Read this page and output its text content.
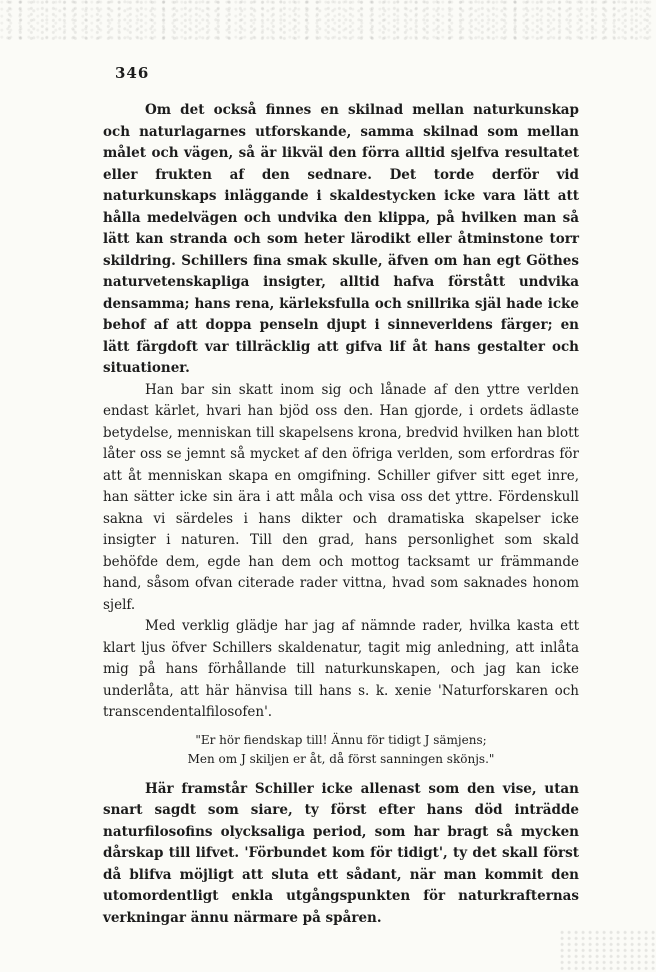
346

Om det också finnes en skilnad mellan naturkunskap och naturlagarnes utforskande, samma skilnad som mellan målet och vägen, så är likväl den förra alltid sjelfva resultatet eller frukten af den sednare. Det torde derför vid naturkunskaps inläggande i skaldestycken icke vara lätt att hålla medelvägen och undvika den klippa, på hvilken man så lätt kan stranda och som heter lärodikt eller åtminstone torr skildring. Schillers fina smak skulle, äfven om han egt Göthes naturvetenskapliga insigter, alltid hafva förstått undvika densamma; hans rena, kärleksfulla och snillrika själ hade icke behof af att doppa penseln djupt i sinneverldens färger; en lätt färgdoft var tillräcklig att gifva lif åt hans gestalter och situationer.

Han bar sin skatt inom sig och lånade af den yttre verlden endast kärlet, hvari han bjöd oss den. Han gjorde, i ordets ädlaste betydelse, menniskan till skapelsens krona, bredvid hvilken han blott låter oss se jemnt så mycket af den öfriga verlden, som erfordras för att åt menniskan skapa en omgifning. Schiller gifver sitt eget inre, han sätter icke sin ära i att måla och visa oss det yttre. Fördenskull sakna vi särdeles i hans dikter och dramatiska skapelser icke insigter i naturen. Till den grad, hans personlighet som skald behöfde dem, egde han dem och mottog tacksamt ur främmande hand, såsom ofvan citerade rader vittna, hvad som saknades honom sjelf.

Med verklig glädje har jag af nämnde rader, hvilka kasta ett klart ljus öfver Schillers skaldenatur, tagit mig anledning, att inlåta mig på hans förhållande till naturkunskapen, och jag kan icke underlåta, att här hänvisa till hans s. k. xenie 'Naturforskaren och transcendentalfilosofen'.

"Er hör fiendskap till! Ännu för tidigt J sämjens;
Men om J skiljen er åt, då först sanningen skönjs."

Här framstår Schiller icke allenast som den vise, utan snart sagdt som siare, ty först efter hans död inträdde naturfilosofins olycksaliga period, som har bragt så mycken dårskap till lifvet. 'Förbundet kom för tidigt', ty det skall först då blifva möjligt att sluta ett sådant, när man kommit den utomordentligt enkla utgångspunkten för naturkrafternas verkningar ännu närmare på spåren.
